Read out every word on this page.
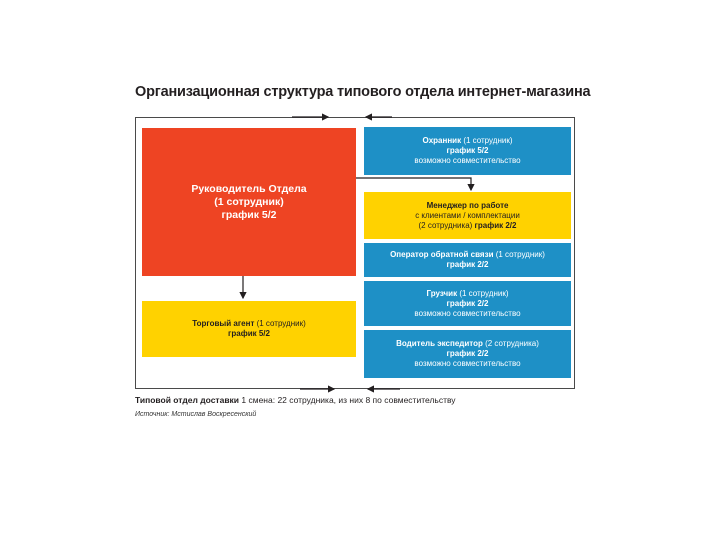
Организационная структура типового отдела интернет-магазина
Руководитель Отдела
(1 сотрудник)
график 5/2
Торговый агент (1 сотрудник)
график 5/2
Охранник (1 сотрудник)
график 5/2
возможно совместительство
Менеджер по работе
с клиентами / комплектации
(2 сотрудника) график 2/2
Оператор обратной связи (1 сотрудник)
график 2/2
Грузчик (1 сотрудник)
график 2/2
возможно совместительство
Водитель экспедитор (2 сотрудника)
график 2/2
возможно совместительство
Типовой отдел доставки 1 смена: 22 сотрудника, из них 8 по совместительству
Источник: Мстислав Воскресенский
